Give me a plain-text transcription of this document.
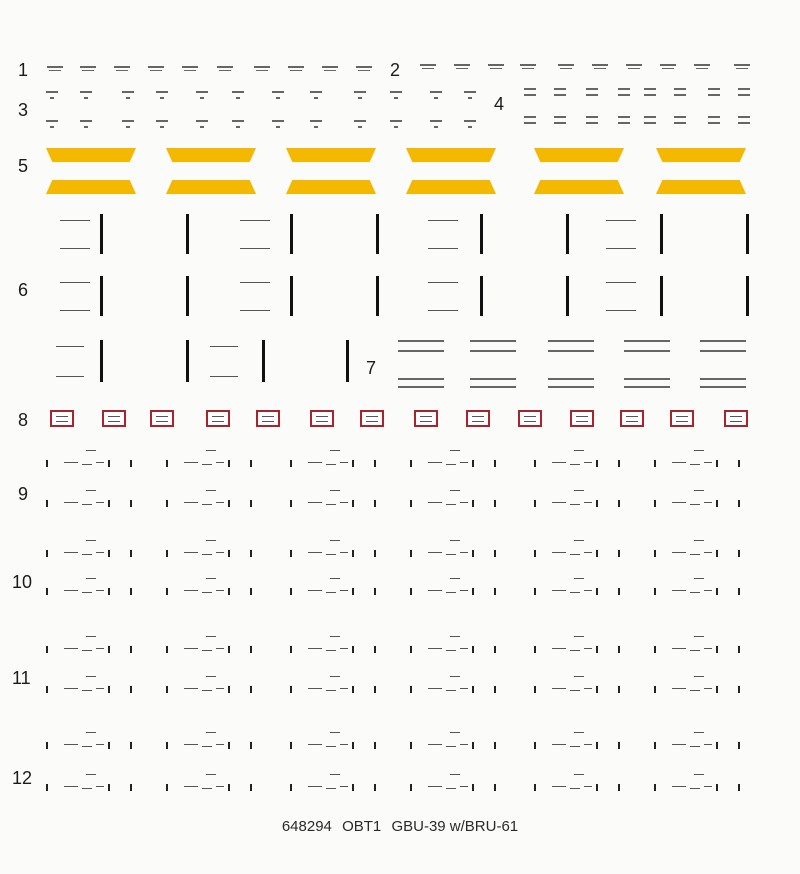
1	2
3	4
5
6
7
8
9
10
11
12
648294 OBT1 GBU-39 w/BRU-61
